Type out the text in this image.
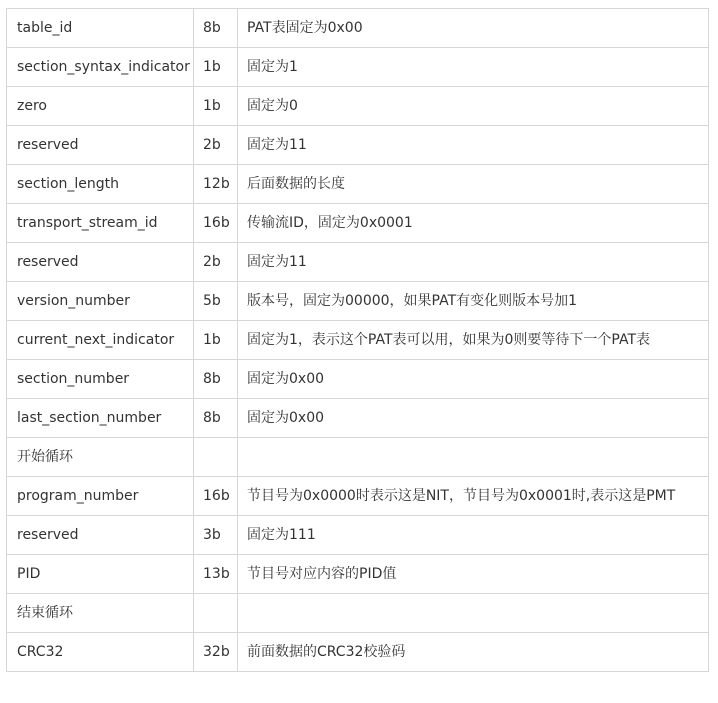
table_id	8b	PAT表固定为0x00
section_syntax_indicator	1b	固定为1
zero	1b	固定为0
reserved	2b	固定为11
section_length	12b	后面数据的长度
transport_stream_id	16b	传输流ID，固定为0x0001
reserved	2b	固定为11
version_number	5b	版本号，固定为00000，如果PAT有变化则版本号加1
current_next_indicator	1b	固定为1，表示这个PAT表可以用，如果为0则要等待下一个PAT表
section_number	8b	固定为0x00
last_section_number	8b	固定为0x00
开始循环		
program_number	16b	节目号为0x0000时表示这是NIT，节目号为0x0001时,表示这是PMT
reserved	3b	固定为111
PID	13b	节目号对应内容的PID值
结束循环		
CRC32	32b	前面数据的CRC32校验码
